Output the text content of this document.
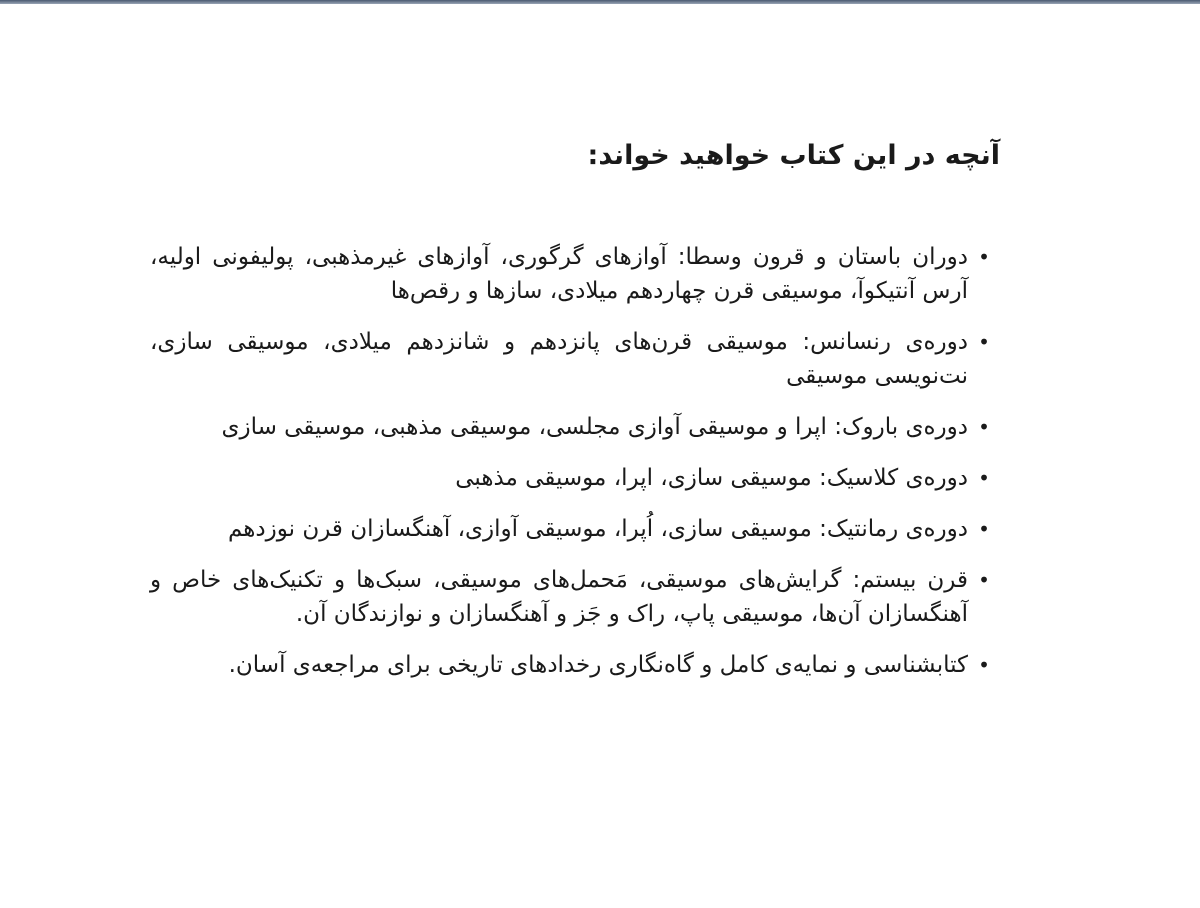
آنچه در این کتاب خواهید خواند:
•
دوران باستان و قرون وسطا: آوازهای گرگوری، آوازهای غیرمذهبی، پولیفونی اولیه، آرس آنتیکوآ، موسیقی قرن چهاردهم میلادی، سازها و رقص‌ها
•
دوره‌ی رنسانس: موسیقی قرن‌های پانزدهم و شانزدهم میلادی، موسیقی سازی، نت‌نویسی موسیقی
•
دوره‌ی باروک: اپرا و موسیقی آوازی مجلسی، موسیقی مذهبی، موسیقی سازی
•
دوره‌ی کلاسیک: موسیقی سازی، اپرا، موسیقی مذهبی
•
دوره‌ی رمانتیک: موسیقی سازی، اُپرا، موسیقی آوازی، آهنگسازان قرن نوزدهم
•
قرن بیستم: گرایش‌های موسیقی، مَحمل‌های موسیقی، سبک‌ها و تکنیک‌های خاص و آهنگسازان آن‌ها، موسیقی پاپ، راک و جَز و آهنگسازان و نوازندگان آن.
•
کتابشناسی و نمایه‌ی کامل و گاه‌نگاری رخدادهای تاریخی برای مراجعه‌ی آسان.
